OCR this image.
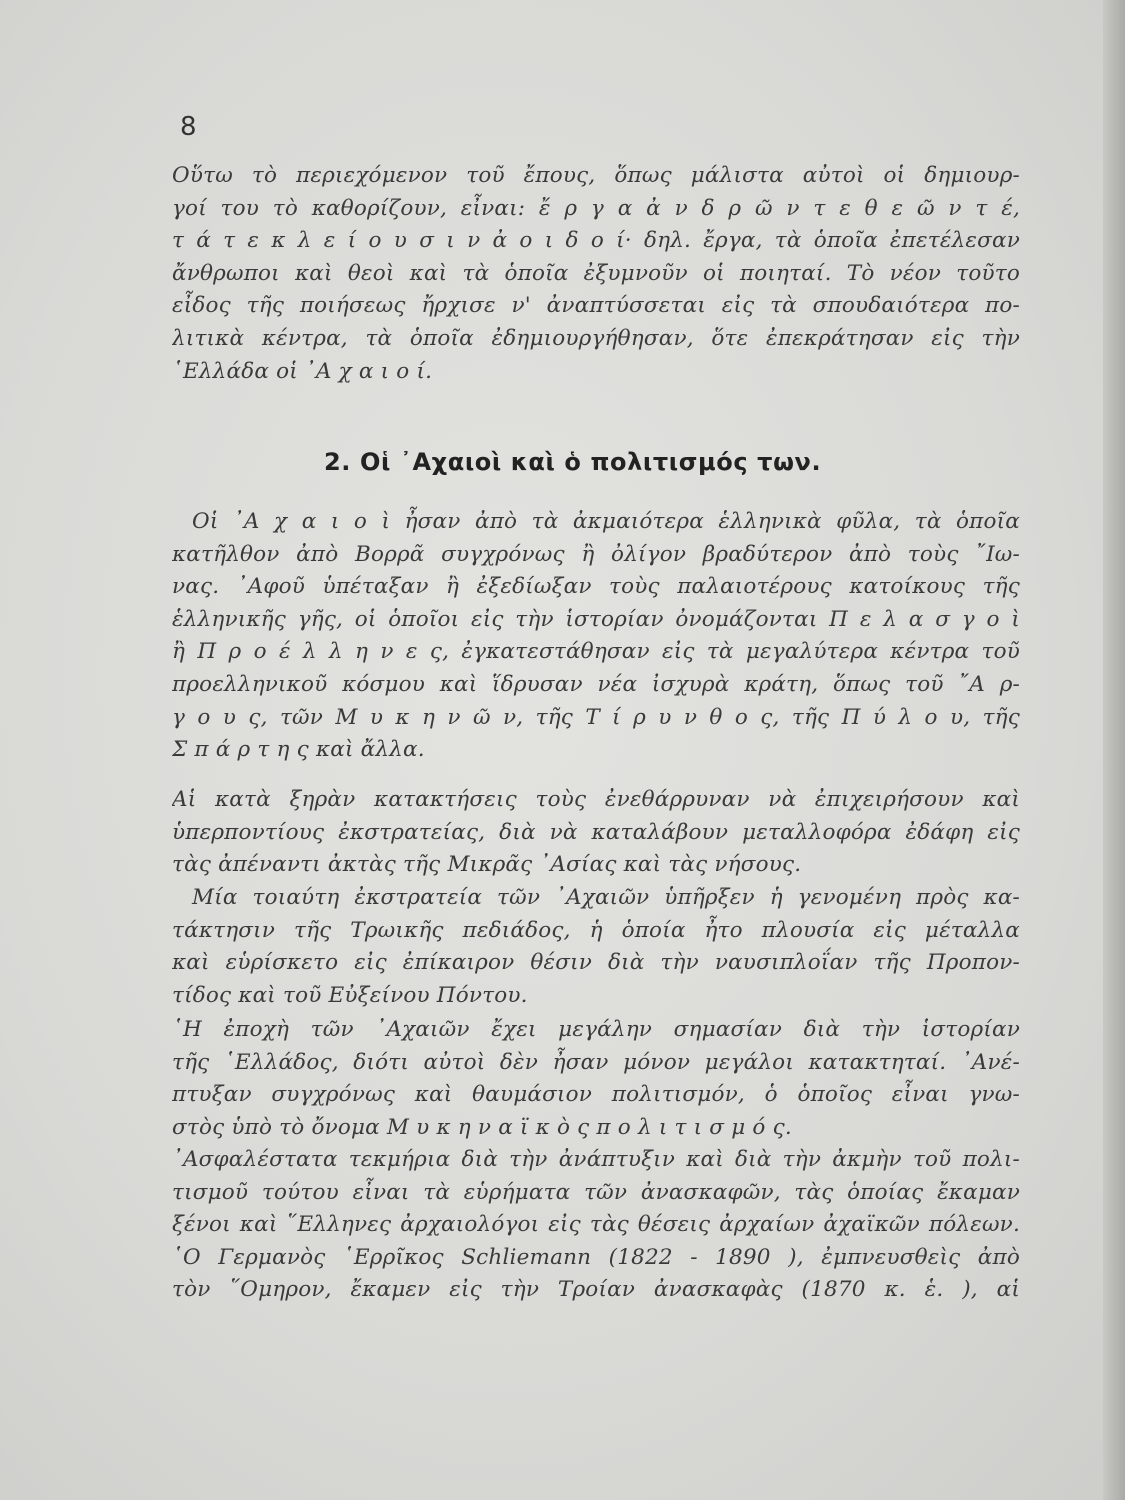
8
Οὕτω τὸ περιεχόμενον τοῦ ἔπους, ὅπως μάλιστα αὐτοὶ οἱ δημιουρ-
γοί του τὸ καθορίζουν, εἶναι: ἔ ρ γ α ἀ ν δ ρ ῶ ν τ ε θ ε ῶ ν τ έ,
τ ά τ ε κ λ ε ί ο υ σ ι ν ἀ ο ι δ ο ί· δηλ. ἔργα, τὰ ὁποῖα ἐπετέλεσαν
ἄνθρωποι καὶ θεοὶ καὶ τὰ ὁποῖα ἐξυμνοῦν οἱ ποιηταί. Τὸ νέον τοῦτο
εἶδος τῆς ποιήσεως ἤρχισε ν' ἀναπτύσσεται εἰς τὰ σπουδαιότερα πο-
λιτικὰ κέντρα, τὰ ὁποῖα ἐδημιουργήθησαν, ὅτε ἐπεκράτησαν εἰς τὴν
῾Ελλάδα οἱ ᾽Α χ α ι ο ί.
2. Οἱ ᾽Αχαιοὶ καὶ ὁ πολιτισμός των.
Οἱ ᾽Α χ α ι ο ὶ ἦσαν ἀπὸ τὰ ἀκμαιότερα ἑλληνικὰ φῦλα, τὰ ὁποῖα
κατῆλθον ἀπὸ Βορρᾶ συγχρόνως ἢ ὀλίγον βραδύτερον ἀπὸ τοὺς ῎Ιω-
νας. ᾽Αφοῦ ὑπέταξαν ἢ ἐξεδίωξαν τοὺς παλαιοτέρους κατοίκους τῆς
ἑλληνικῆς γῆς, οἱ ὁποῖοι εἰς τὴν ἱστορίαν ὀνομάζονται Π ε λ α σ γ ο ὶ
ἢ Π ρ ο έ λ λ η ν ε ς, ἐγκατεστάθησαν εἰς τὰ μεγαλύτερα κέντρα τοῦ
προελληνικοῦ κόσμου καὶ ἵδρυσαν νέα ἰσχυρὰ κράτη, ὅπως τοῦ ῎Α ρ-
γ ο υ ς, τῶν Μ υ κ η ν ῶ ν, τῆς Τ ί ρ υ ν θ ο ς, τῆς Π ύ λ ο υ, τῆς
Σ π ά ρ τ η ς καὶ ἄλλα.
Αἱ κατὰ ξηρὰν κατακτήσεις τοὺς ἐνεθάρρυναν νὰ ἐπιχειρήσουν καὶ
ὑπερποντίους ἐκστρατείας, διὰ νὰ καταλάβουν μεταλλοφόρα ἐδάφη εἰς
τὰς ἀπέναντι ἀκτὰς τῆς Μικρᾶς ᾽Ασίας καὶ τὰς νήσους.
Μία τοιαύτη ἐκστρατεία τῶν ᾽Αχαιῶν ὑπῆρξεν ἡ γενομένη πρὸς κα-
τάκτησιν τῆς Τρωικῆς πεδιάδος, ἡ ὁποία ἦτο πλουσία εἰς μέταλλα
καὶ εὑρίσκετο εἰς ἐπίκαιρον θέσιν διὰ τὴν ναυσιπλοΐαν τῆς Προπον-
τίδος καὶ τοῦ Εὐξείνου Πόντου.
῾Η ἐποχὴ τῶν ᾽Αχαιῶν ἔχει μεγάλην σημασίαν διὰ τὴν ἱστορίαν
τῆς ῾Ελλάδος, διότι αὐτοὶ δὲν ἦσαν μόνον μεγάλοι κατακτηταί. ᾽Ανέ-
πτυξαν συγχρόνως καὶ θαυμάσιον πολιτισμόν, ὁ ὁποῖος εἶναι γνω-
στὸς ὑπὸ τὸ ὄνομα Μ υ κ η ν α ϊ κ ὸ ς π ο λ ι τ ι σ μ ό ς.
᾽Ασφαλέστατα τεκμήρια διὰ τὴν ἀνάπτυξιν καὶ διὰ τὴν ἀκμὴν τοῦ πολι-
τισμοῦ τούτου εἶναι τὰ εὑρήματα τῶν ἀνασκαφῶν, τὰς ὁποίας ἔκαμαν
ξένοι καὶ ῞Ελληνες ἀρχαιολόγοι εἰς τὰς θέσεις ἀρχαίων ἀχαϊκῶν πόλεων.
῾Ο Γερμανὸς ῾Ερρῖκος Schliemann (1822 - 1890 ), ἐμπνευσθεὶς ἀπὸ
τὸν ῞Ομηρον, ἔκαμεν εἰς τὴν Τροίαν ἀνασκαφὰς (1870 κ. ἑ. ), αἱ
